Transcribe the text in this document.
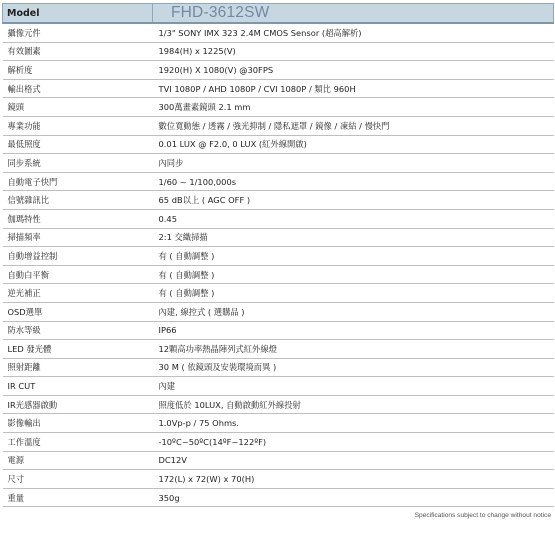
Model	FHD-3612SW
攝像元件	1/3" SONY IMX 323 2.4M CMOS Sensor (超高解析)
有效圖素	1984(H) x 1225(V)
解析度	1920(H) X 1080(V) @30FPS
輸出格式	TVI 1080P / AHD 1080P / CVI 1080P / 類比 960H
鏡頭	300萬畫素鏡頭 2.1 mm
專業功能	數位寬動態 / 透霧 / 強光抑制 / 隱私遮罩 / 鏡像 / 凍結 / 慢快門
最低照度	0.01 LUX @ F2.0, 0 LUX (紅外線開啟)
同步系統	內同步
自動電子快門	1/60 ~ 1/100,000s
信號雜訊比	65 dB以上 ( AGC OFF )
伽瑪特性	0.45
掃描頻率	2:1 交織掃描
自動增益控制	有 ( 自動調整 )
自動白平衡	有 ( 自動調整 )
逆光補正	有 ( 自動調整 )
OSD選單	內建, 線控式 ( 選購品 )
防水等級	IP66
LED 發光體	12顆高功率熱晶陣列式紅外線燈
照射距離	30 M ( 依鏡頭及安裝環境而異 )
IR CUT	內建
IR光感器啟動	照度低於 10LUX, 自動啟動紅外線投射
影像輸出	1.0Vp-p / 75 Ohms.
工作溫度	-10ºC~50ºC(14ºF~122ºF)
電源	DC12V
尺寸	172(L) x 72(W) x 70(H)
重量	350g
Specifications subject to change without notice
